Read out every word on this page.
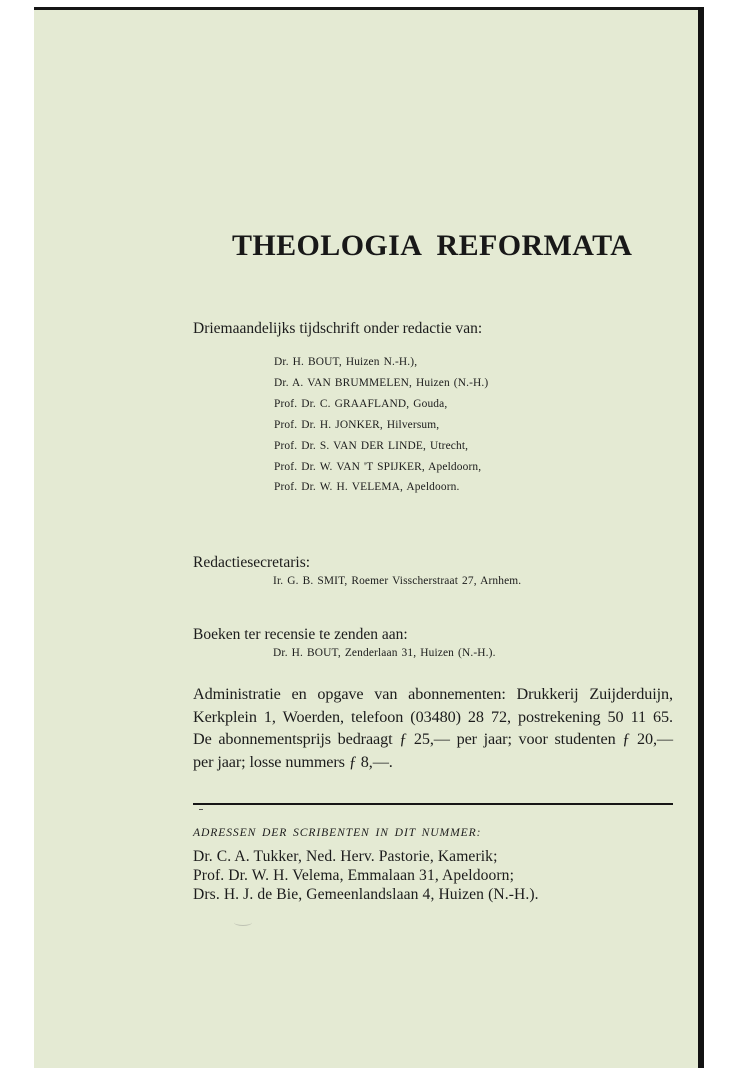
THEOLOGIA REFORMATA
Driemaandelijks tijdschrift onder redactie van:
Dr. H. BOUT, Huizen N.-H.),
Dr. A. VAN BRUMMELEN, Huizen (N.-H.)
Prof. Dr. C. GRAAFLAND, Gouda,
Prof. Dr. H. JONKER, Hilversum,
Prof. Dr. S. VAN DER LINDE, Utrecht,
Prof. Dr. W. VAN 'T SPIJKER, Apeldoorn,
Prof. Dr. W. H. VELEMA, Apeldoorn.
Redactiesecretaris:
Ir. G. B. SMIT, Roemer Visscherstraat 27, Arnhem.
Boeken ter recensie te zenden aan:
Dr. H. BOUT, Zenderlaan 31, Huizen (N.-H.).

Administratie en opgave van abonnementen: Drukkerij Zuijderduijn,
Kerkplein 1, Woerden, telefoon (03480) 28 72, postrekening 50 11 65.
De abonnementsprijs bedraagt ƒ 25,— per jaar; voor studenten ƒ 20,—
per jaar; losse nummers ƒ 8,—.

ADRESSEN DER SCRIBENTEN IN DIT NUMMER:

Dr. C. A. Tukker, Ned. Herv. Pastorie, Kamerik;
Prof. Dr. W. H. Velema, Emmalaan 31, Apeldoorn;
Drs. H. J. de Bie, Gemeenlandslaan 4, Huizen (N.-H.).
